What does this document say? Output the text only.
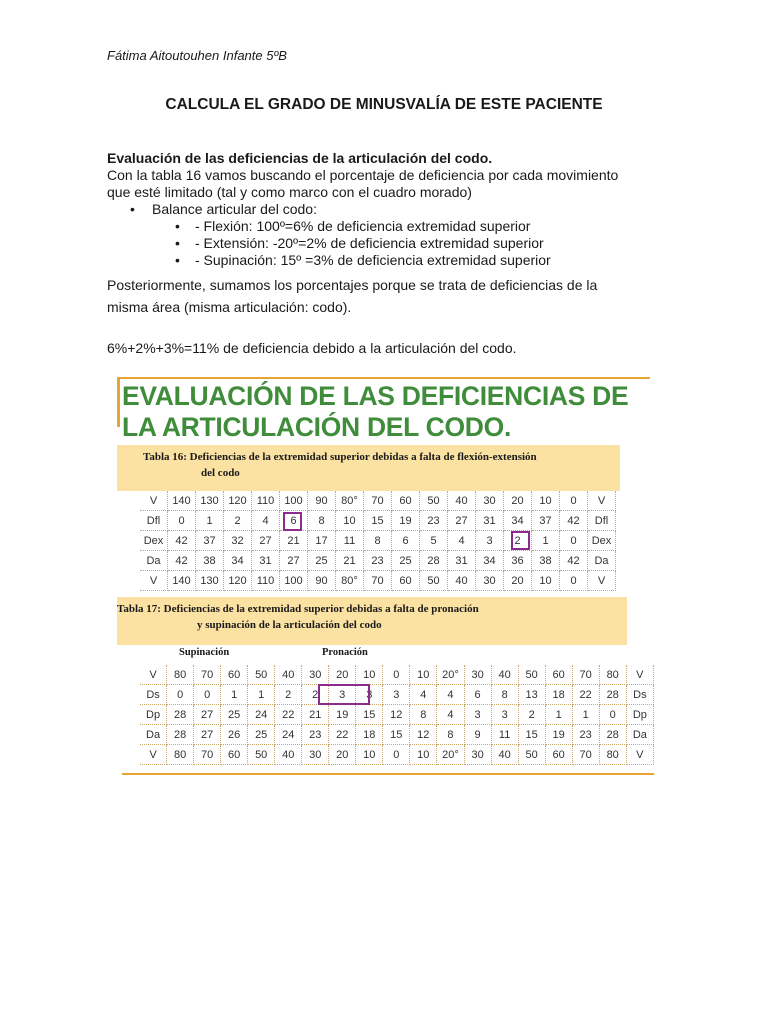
Fátima Aitoutouhen Infante 5ºB
CALCULA EL GRADO DE MINUSVALÍA DE ESTE PACIENTE
Evaluación de las deficiencias de la articulación del codo.
Con la tabla 16 vamos buscando el porcentaje de deficiencia por cada movimiento
que esté limitado (tal y como marco con el cuadro morado)
• Balance articular del codo:
• - Flexión: 100º=6% de deficiencia extremidad superior
• - Extensión: -20º=2% de deficiencia extremidad superior
• - Supinación: 15º =3% de deficiencia extremidad superior
Posteriormente, sumamos los porcentajes porque se trata de deficiencias de la
misma área (misma articulación: codo).
6%+2%+3%=11% de deficiencia debido a la articulación del codo.
EVALUACIÓN DE LAS DEFICIENCIAS DE
LA ARTICULACIÓN DEL CODO.
Tabla 16: Deficiencias de la extremidad superior debidas a falta de flexión-extensión
del codo
V	140	130	120	110	100	90	80°	70	60	50	40	30	20	10	0	V
Dfl	0	1	2	4	6	8	10	15	19	23	27	31	34	37	42	Dfl
Dex	42	37	32	27	21	17	11	8	6	5	4	3	2	1	0	Dex
Da	42	38	34	31	27	25	21	23	25	28	31	34	36	38	42	Da
V	140	130	120	110	100	90	80°	70	60	50	40	30	20	10	0	V
Tabla 17: Deficiencias de la extremidad superior debidas a falta de pronación
y supinación de la articulación del codo
Supinación	Pronación
V	80	70	60	50	40	30	20	10	0	10	20°	30	40	50	60	70	80	V
Ds	0	0	1	1	2	2	3	3	3	4	4	6	8	13	18	22	28	Ds
Dp	28	27	25	24	22	21	19	15	12	8	4	3	3	2	1	1	0	Dp
Da	28	27	26	25	24	23	22	18	15	12	8	9	11	15	19	23	28	Da
V	80	70	60	50	40	30	20	10	0	10	20°	30	40	50	60	70	80	V
